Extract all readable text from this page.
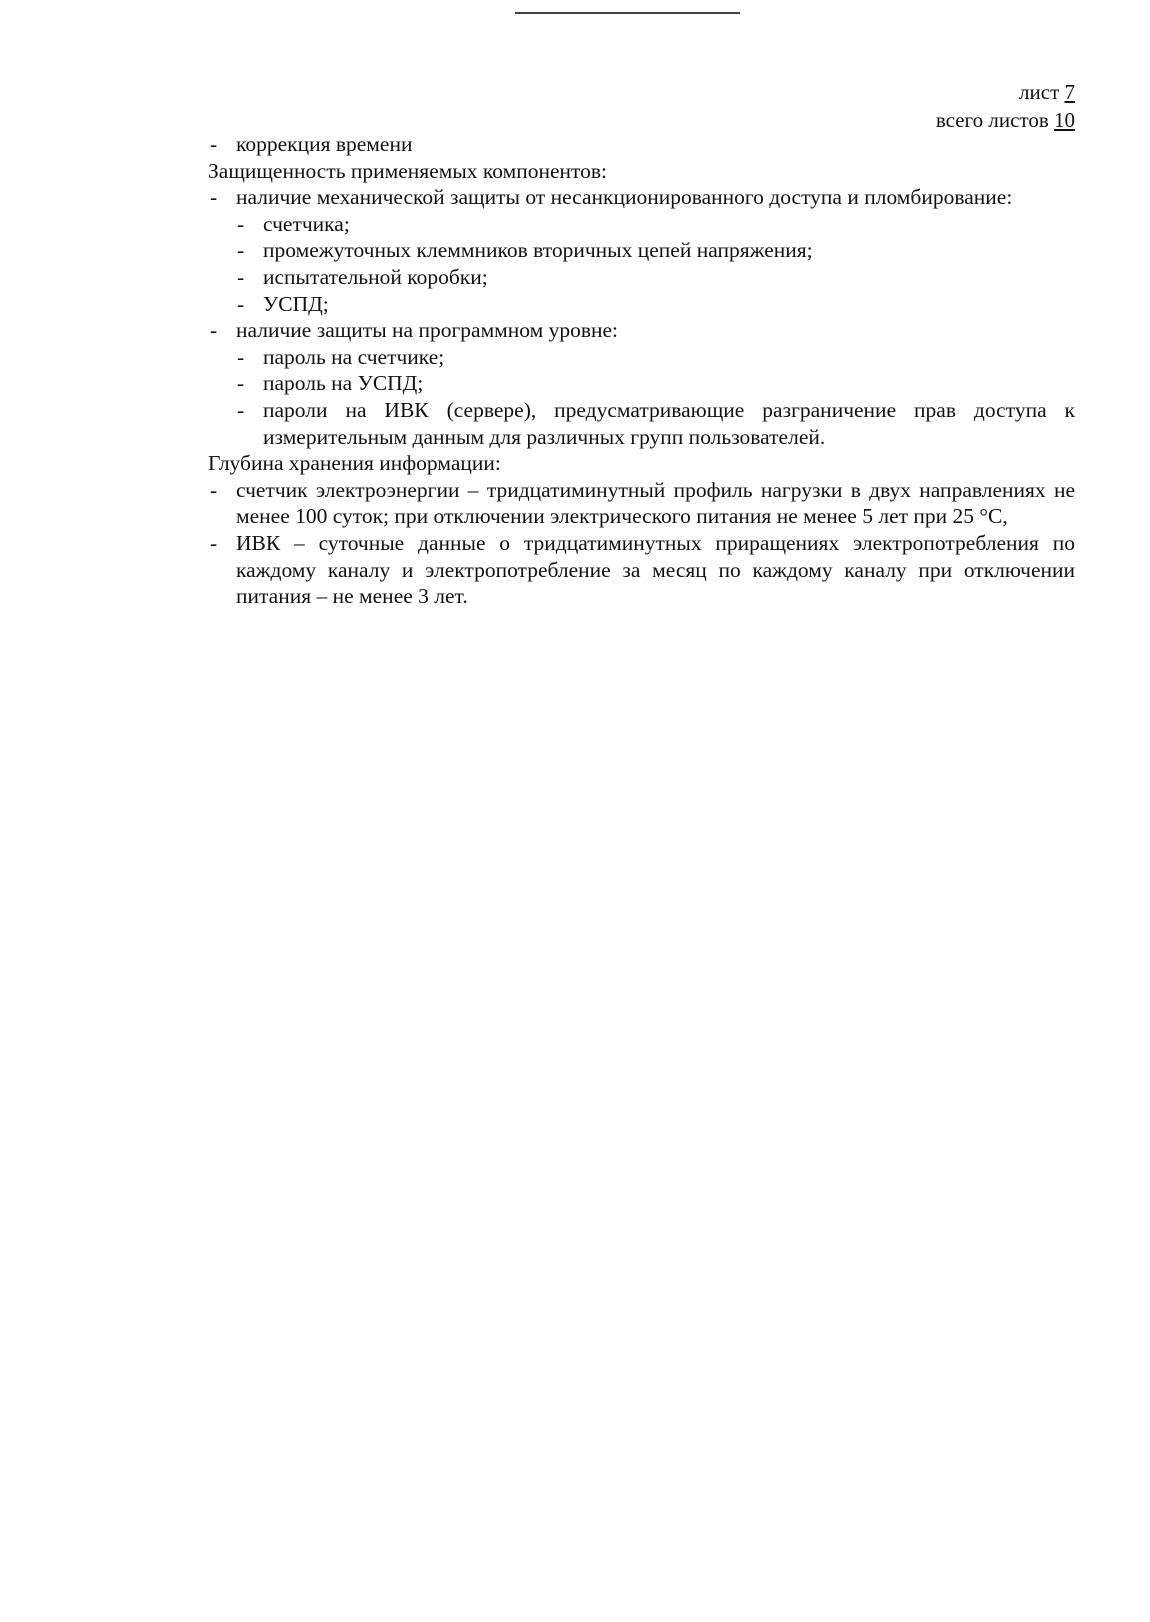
лист 7
всего листов 10
- коррекция времени

Защищенность применяемых компонентов:

- наличие механической защиты от несанкционированного доступа и пломбирование:
- счетчика;
- промежуточных клеммников вторичных цепей напряжения;
- испытательной коробки;
- УСПД;
- наличие защиты на программном уровне:
- пароль на счетчике;
- пароль на УСПД;
- пароли на ИВК (сервере), предусматривающие разграничение прав доступа к измерительным данным для различных групп пользователей.

Глубина хранения информации:

- счетчик электроэнергии – тридцатиминутный профиль нагрузки в двух направлениях не менее 100 суток; при отключении электрического питания не менее 5 лет при 25 °С,
- ИВК – суточные данные о тридцатиминутных приращениях электропотребления по каждому каналу и электропотребление за месяц по каждому каналу при отключении питания – не менее 3 лет.
